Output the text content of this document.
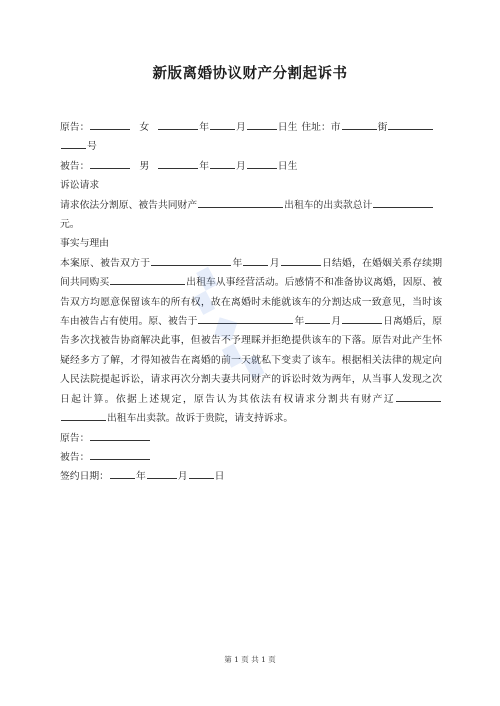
新版离婚协议财产分割起诉书

原告：	女	年	月	日生 住址：市	街
号

被告：	男	年	月	日生

诉讼请求

请求依法分割原、被告共同财产	出租车的出卖款总计
元。

事实与理由

本案原、被告双方于	年	月	日结婚，在婚姻关系存续期间共同购买	出租车从事经营活动。后感情不和准备协议离婚，因原、被告双方均愿意保留该车的所有权，故在离婚时未能就该车的分割达成一致意见，当时该车由被告占有使用。原、被告于	年	月	日离婚后，原告多次找被告协商解决此事，但被告不予理睬并拒绝提供该车的下落。原告对此产生怀疑经多方了解，才得知被告在离婚的前一天就私下变卖了该车。根据相关法律的规定向人民法院提起诉讼，请求再次分割夫妻共同财产的诉讼时效为两年，从当事人发现之次日起计算。依据上述规定，原告认为其依法有权请求分割共有财产辽出租车出卖款。故诉于贵院，请支持诉求。

原告：

被告：

签约日期：	年	月	日

▞
◆
▚
第 1 页 共 1 页
